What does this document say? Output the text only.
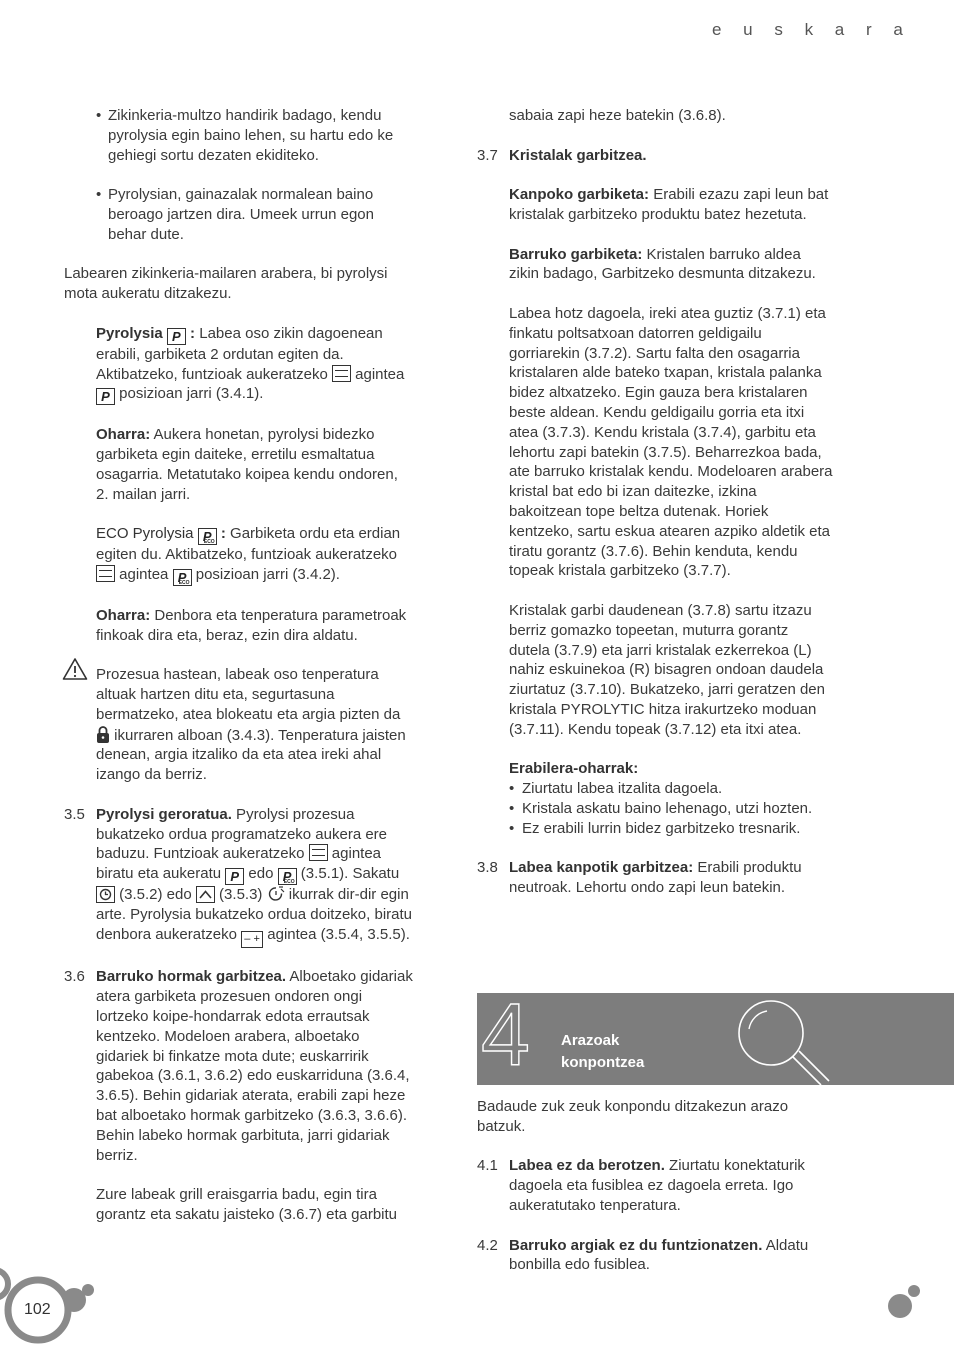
e u s k a r a

• Zikinkeria-multzo handirik badago, kendu pyrolysia egin baino lehen, su hartu edo ke gehiegi sortu dezaten ekiditeko.

• Pyrolysian, gainazalak normalean baino beroago jartzen dira. Umeek urrun egon behar dute.

Labearen zikinkeria-mailaren arabera, bi pyrolysi mota aukeratu ditzakezu.

Pyrolysia P : Labea oso zikin dagoenean erabili, garbiketa 2 ordutan egiten da. Aktibatzeko, funtzioak aukeratzeko  agintea P posizioan jarri (3.4.1).

Oharra: Aukera honetan, pyrolysi bidezko garbiketa egin daiteke, erretilu esmaltatua osagarria. Metatutako koipea kendu ondoren, 2. mailan jarri.

ECO Pyrolysia P ECO : Garbiketa ordu eta erdian egiten du. Aktibatzeko, funtzioak aukeratzeko  agintea P ECO posizioan jarri (3.4.2).

Oharra: Denbora eta tenperatura parametroak finkoak dira eta, beraz, ezin dira aldatu.

Prozesua hastean, labeak oso tenperatura altuak hartzen ditu eta, segurtasuna bermatzeko, atea blokeatu eta argia pizten da  ikurraren alboan (3.4.3). Tenperatura jaisten denean, argia itzaliko da eta atea ireki ahal izango da berriz.

3.5 Pyrolysi geroratua. Pyrolysi prozesua bukatzeko ordua programatzeko aukera ere baduzu. Funtzioak aukeratzeko  agintea biratu eta aukeratu P edo P ECO (3.5.1). Sakatu  (3.5.2) edo  (3.5.3)  ikurrak dir-dir egin arte. Pyrolysia bukatzeko ordua doitzeko, biratu denbora aukeratzeko – + agintea (3.5.4, 3.5.5).

3.6 Barruko hormak garbitzea. Alboetako gidariak atera garbiketa prozesuen ondoren ongi lortzeko koipe-hondarrak edota errautsak kentzeko. Modeloen arabera, alboetako gidariek bi finkatze mota dute; euskarririk gabekoa (3.6.1, 3.6.2) edo euskarriduna (3.6.4, 3.6.5). Behin gidariak aterata, erabili zapi heze bat alboetako hormak garbitzeko (3.6.3, 3.6.6). Behin labeko hormak garbituta, jarri gidariak berriz.

Zure labeak grill eraisgarria badu, egin tira gorantz eta sakatu jaisteko (3.6.7) eta garbitu

sabaia zapi heze batekin (3.6.8).

3.7 Kristalak garbitzea.

Kanpoko garbiketa: Erabili ezazu zapi leun bat kristalak garbitzeko produktu batez hezetuta.

Barruko garbiketa: Kristalen barruko aldea zikin badago, Garbitzeko desmunta ditzakezu.

Labea hotz dagoela, ireki atea guztiz (3.7.1) eta finkatu poltsatxoan datorren geldigailu gorriarekin (3.7.2). Sartu falta den osagarria kristalaren alde bateko txapan, kristala palanka bidez altxatzeko. Egin gauza bera kristalaren beste aldean. Kendu geldigailu gorria eta itxi atea (3.7.3). Kendu kristala (3.7.4), garbitu eta lehortu zapi batekin (3.7.5). Beharrezkoa bada, ate barruko kristalak kendu. Modeloaren arabera kristal bat edo bi izan daitezke, izkina bakoitzean tope beltza dutenak. Horiek kentzeko, sartu eskua atearen azpiko aldetik eta tiratu gorantz (3.7.6). Behin kenduta, kendu topeak kristala garbitzeko (3.7.7).

Kristalak garbi daudenean (3.7.8) sartu itzazu berriz gomazko topeetan, muturra gorantz dutela (3.7.9) eta jarri kristalak ezkerrekoa (L) nahiz eskuinekoa (R) bisagren ondoan daudela ziurtatuz (3.7.10). Bukatzeko, jarri geratzen den kristala PYROLYTIC hitza irakurtzeko moduan (3.7.11). Kendu topeak (3.7.12) eta itxi atea.

Erabilera-oharrak:

• Ziurtatu labea itzalita dagoela.

• Kristala askatu baino lehenago, utzi hozten.

• Ez erabili lurrin bidez garbitzeko tresnarik.

3.8 Labea kanpotik garbitzea: Erabili produktu neutroak. Lehortu ondo zapi leun batekin.

4 Arazoak
konpontzea

Badaude zuk zeuk konpondu ditzakezun arazo batzuk.

4.1 Labea ez da berotzen. Ziurtatu konektaturik dagoela eta fusiblea ez dagoela erretа. Igo aukeratutako tenperatura.

4.2 Barruko argiak ez du funtzionatzen. Aldatu bonbilla edo fusiblea.

102
